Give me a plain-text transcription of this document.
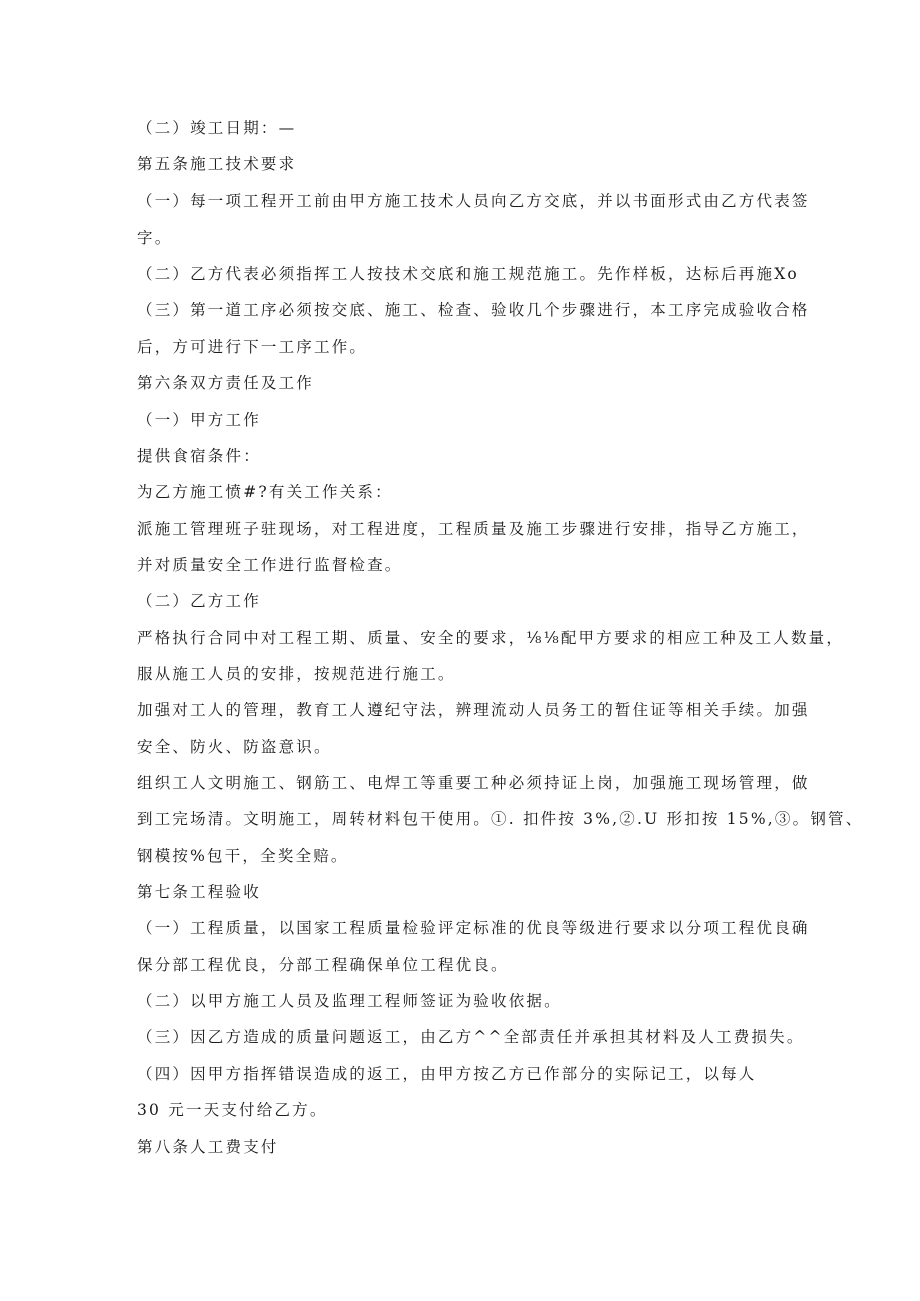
（二）竣工日期：—
第五条施工技术要求
（一）每一项工程开工前由甲方施工技术人员向乙方交底，并以书面形式由乙方代表签
字。
（二）乙方代表必须指挥工人按技术交底和施工规范施工。先作样板，达标后再施Xo
（三）第一道工序必须按交底、施工、检查、验收几个步骤进行，本工序完成验收合格
后，方可进行下一工序工作。
第六条双方责任及工作
（一）甲方工作
提供食宿条件：
为乙方施工愤#?有关工作关系：
派施工管理班子驻现场，对工程进度，工程质量及施工步骤进行安排，指导乙方施工，
并对质量安全工作进行监督检查。
（二）乙方工作
严格执行合同中对工程工期、质量、安全的要求，⅛⅛配甲方要求的相应工种及工人数量，
服从施工人员的安排，按规范进行施工。
加强对工人的管理，教育工人遵纪守法，辨理流动人员务工的暂住证等相关手续。加强
安全、防火、防盗意识。
组织工人文明施工、钢筋工、电焊工等重要工种必须持证上岗，加强施工现场管理，做
到工完场清。文明施工，周转材料包干使用。①. 扣件按 3%,②.U 形扣按 15%,③。钢管、
钢模按%包干，全奖全赔。
第七条工程验收
（一）工程质量，以国家工程质量检验评定标准的优良等级进行要求以分项工程优良确
保分部工程优良，分部工程确保单位工程优良。
（二）以甲方施工人员及监理工程师签证为验收依据。
（三）因乙方造成的质量问题返工，由乙方^^全部责任并承担其材料及人工费损失。
（四）因甲方指挥错误造成的返工，由甲方按乙方已作部分的实际记工，以每人
30 元一天支付给乙方。
第八条人工费支付
